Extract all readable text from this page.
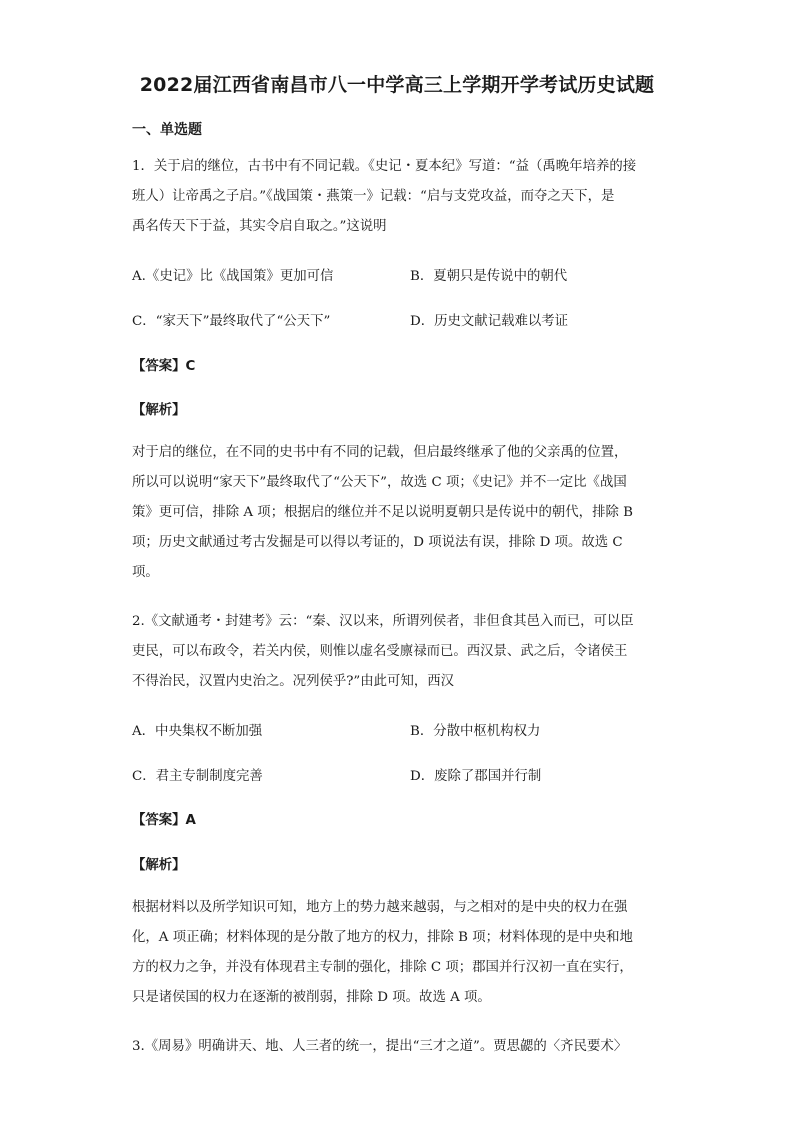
2022届江西省南昌市八一中学高三上学期开学考试历史试题
一、单选题
1．关于启的继位，古书中有不同记载。《史记・夏本纪》写道：“益（禹晚年培养的接
班人）让帝禹之子启。”《战国策・燕策一》记载：“启与支党攻益，而夺之天下，是
禹名传天下于益，其实令启自取之。”这说明
A.《史记》比《战国策》更加可信	B．夏朝只是传说中的朝代
C．“家天下”最终取代了“公天下”	D．历史文献记载难以考证
【答案】C
【解析】
对于启的继位，在不同的史书中有不同的记载，但启最终继承了他的父亲禹的位置，
所以可以说明“家天下”最终取代了“公天下”，故选 C 项；《史记》并不一定比《战国
策》更可信，排除 A 项；根据启的继位并不足以说明夏朝只是传说中的朝代，排除 B
项；历史文献通过考古发掘是可以得以考证的，D 项说法有误，排除 D 项。故选 C
项。
2.《文献通考・封建考》云：“秦、汉以来，所谓列侯者，非但食其邑入而已，可以臣
吏民，可以布政令，若关内侯，则惟以虚名受廪禄而已。西汉景、武之后，令诸侯王
不得治民，汉置内史治之。况列侯乎?”由此可知，西汉
A．中央集权不断加强	B．分散中枢机构权力
C．君主专制制度完善	D．废除了郡国并行制
【答案】A
【解析】
根据材料以及所学知识可知，地方上的势力越来越弱，与之相对的是中央的权力在强
化，A 项正确；材料体现的是分散了地方的权力，排除 B 项；材料体现的是中央和地
方的权力之争，并没有体现君主专制的强化，排除 C 项；郡国并行汉初一直在实行，
只是诸侯国的权力在逐渐的被削弱，排除 D 项。故选 A 项。
3.《周易》明确讲天、地、人三者的统一，提出“三才之道”。贾思勰的〈齐民要术〉
